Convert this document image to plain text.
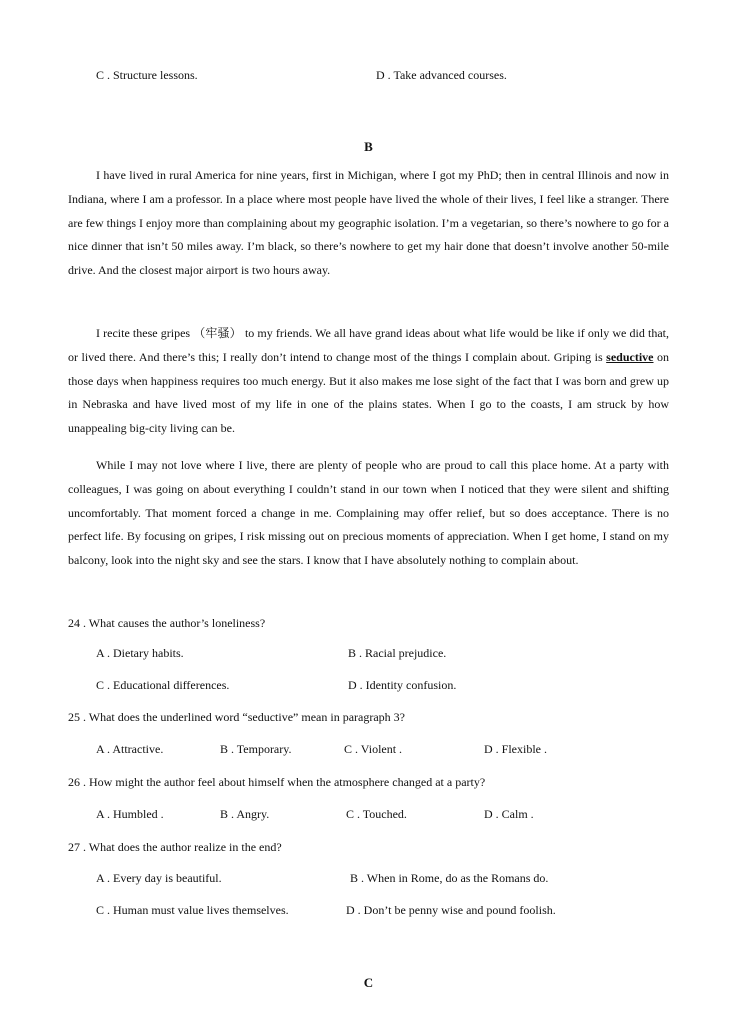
C . Structure lessons.	D . Take advanced courses.
B
I have lived in rural America for nine years, first in Michigan, where I got my PhD; then in central Illinois and now in Indiana, where I am a professor. In a place where most people have lived the whole of their lives, I feel like a stranger. There are few things I enjoy more than complaining about my geographic isolation. I’m a vegetarian, so there’s nowhere to go for a nice dinner that isn’t 50 miles away. I’m black, so there’s nowhere to get my hair done that doesn’t involve another 50-mile drive. And the closest major airport is two hours away.
I recite these gripes （牢骚） to my friends. We all have grand ideas about what life would be like if only we did that, or lived there. And there’s this; I really don’t intend to change most of the things I complain about. Griping is seductive on those days when happiness requires too much energy. But it also makes me lose sight of the fact that I was born and grew up in Nebraska and have lived most of my life in one of the plains states. When I go to the coasts, I am struck by how unappealing big-city living can be.
While I may not love where I live, there are plenty of people who are proud to call this place home. At a party with colleagues, I was going on about everything I couldn’t stand in our town when I noticed that they were silent and shifting uncomfortably. That moment forced a change in me. Complaining may offer relief, but so does acceptance. There is no perfect life. By focusing on gripes, I risk missing out on precious moments of appreciation. When I get home, I stand on my balcony, look into the night sky and see the stars. I know that I have absolutely nothing to complain about.
24 . What causes the author’s loneliness?
A . Dietary habits.	B . Racial prejudice.
C . Educational differences.	D . Identity confusion.
25 . What does the underlined word “seductive” mean in paragraph 3?
A . Attractive.	B . Temporary.	C . Violent .	D . Flexible .
26 . How might the author feel about himself when the atmosphere changed at a party?
A . Humbled .	B . Angry.	C . Touched.	D . Calm .
27 . What does the author realize in the end?
A . Every day is beautiful.	B . When in Rome, do as the Romans do.
C . Human must value lives themselves.	D . Don’t be penny wise and pound foolish.
C
